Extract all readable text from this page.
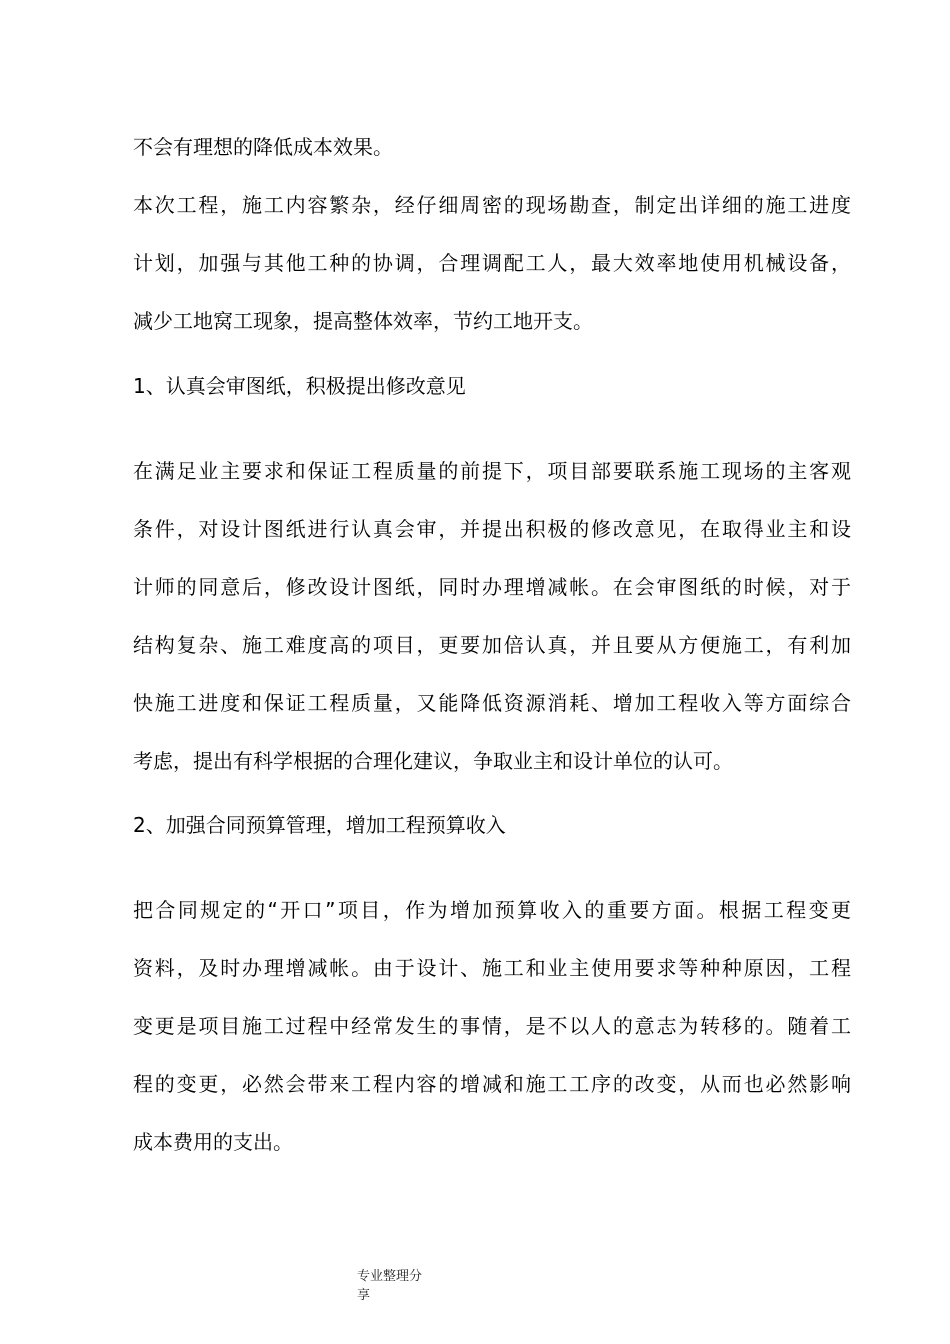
不会有理想的降低成本效果。
本次工程，施工内容繁杂，经仔细周密的现场勘查，制定出详细的施工进度
计划，加强与其他工种的协调，合理调配工人，最大效率地使用机械设备，
减少工地窝工现象，提高整体效率，节约工地开支。
1、认真会审图纸，积极提出修改意见
在满足业主要求和保证工程质量的前提下，项目部要联系施工现场的主客观
条件，对设计图纸进行认真会审，并提出积极的修改意见，在取得业主和设
计师的同意后，修改设计图纸，同时办理增减帐。在会审图纸的时候，对于
结构复杂、施工难度高的项目，更要加倍认真，并且要从方便施工，有利加
快施工进度和保证工程质量，又能降低资源消耗、增加工程收入等方面综合
考虑，提出有科学根据的合理化建议，争取业主和设计单位的认可。
2、加强合同预算管理，增加工程预算收入
把合同规定的“开口”项目，作为增加预算收入的重要方面。根据工程变更
资料，及时办理增减帐。由于设计、施工和业主使用要求等种种原因，工程
变更是项目施工过程中经常发生的事情，是不以人的意志为转移的。随着工
程的变更，必然会带来工程内容的增减和施工工序的改变，从而也必然影响
成本费用的支出。
专业整理分
享
